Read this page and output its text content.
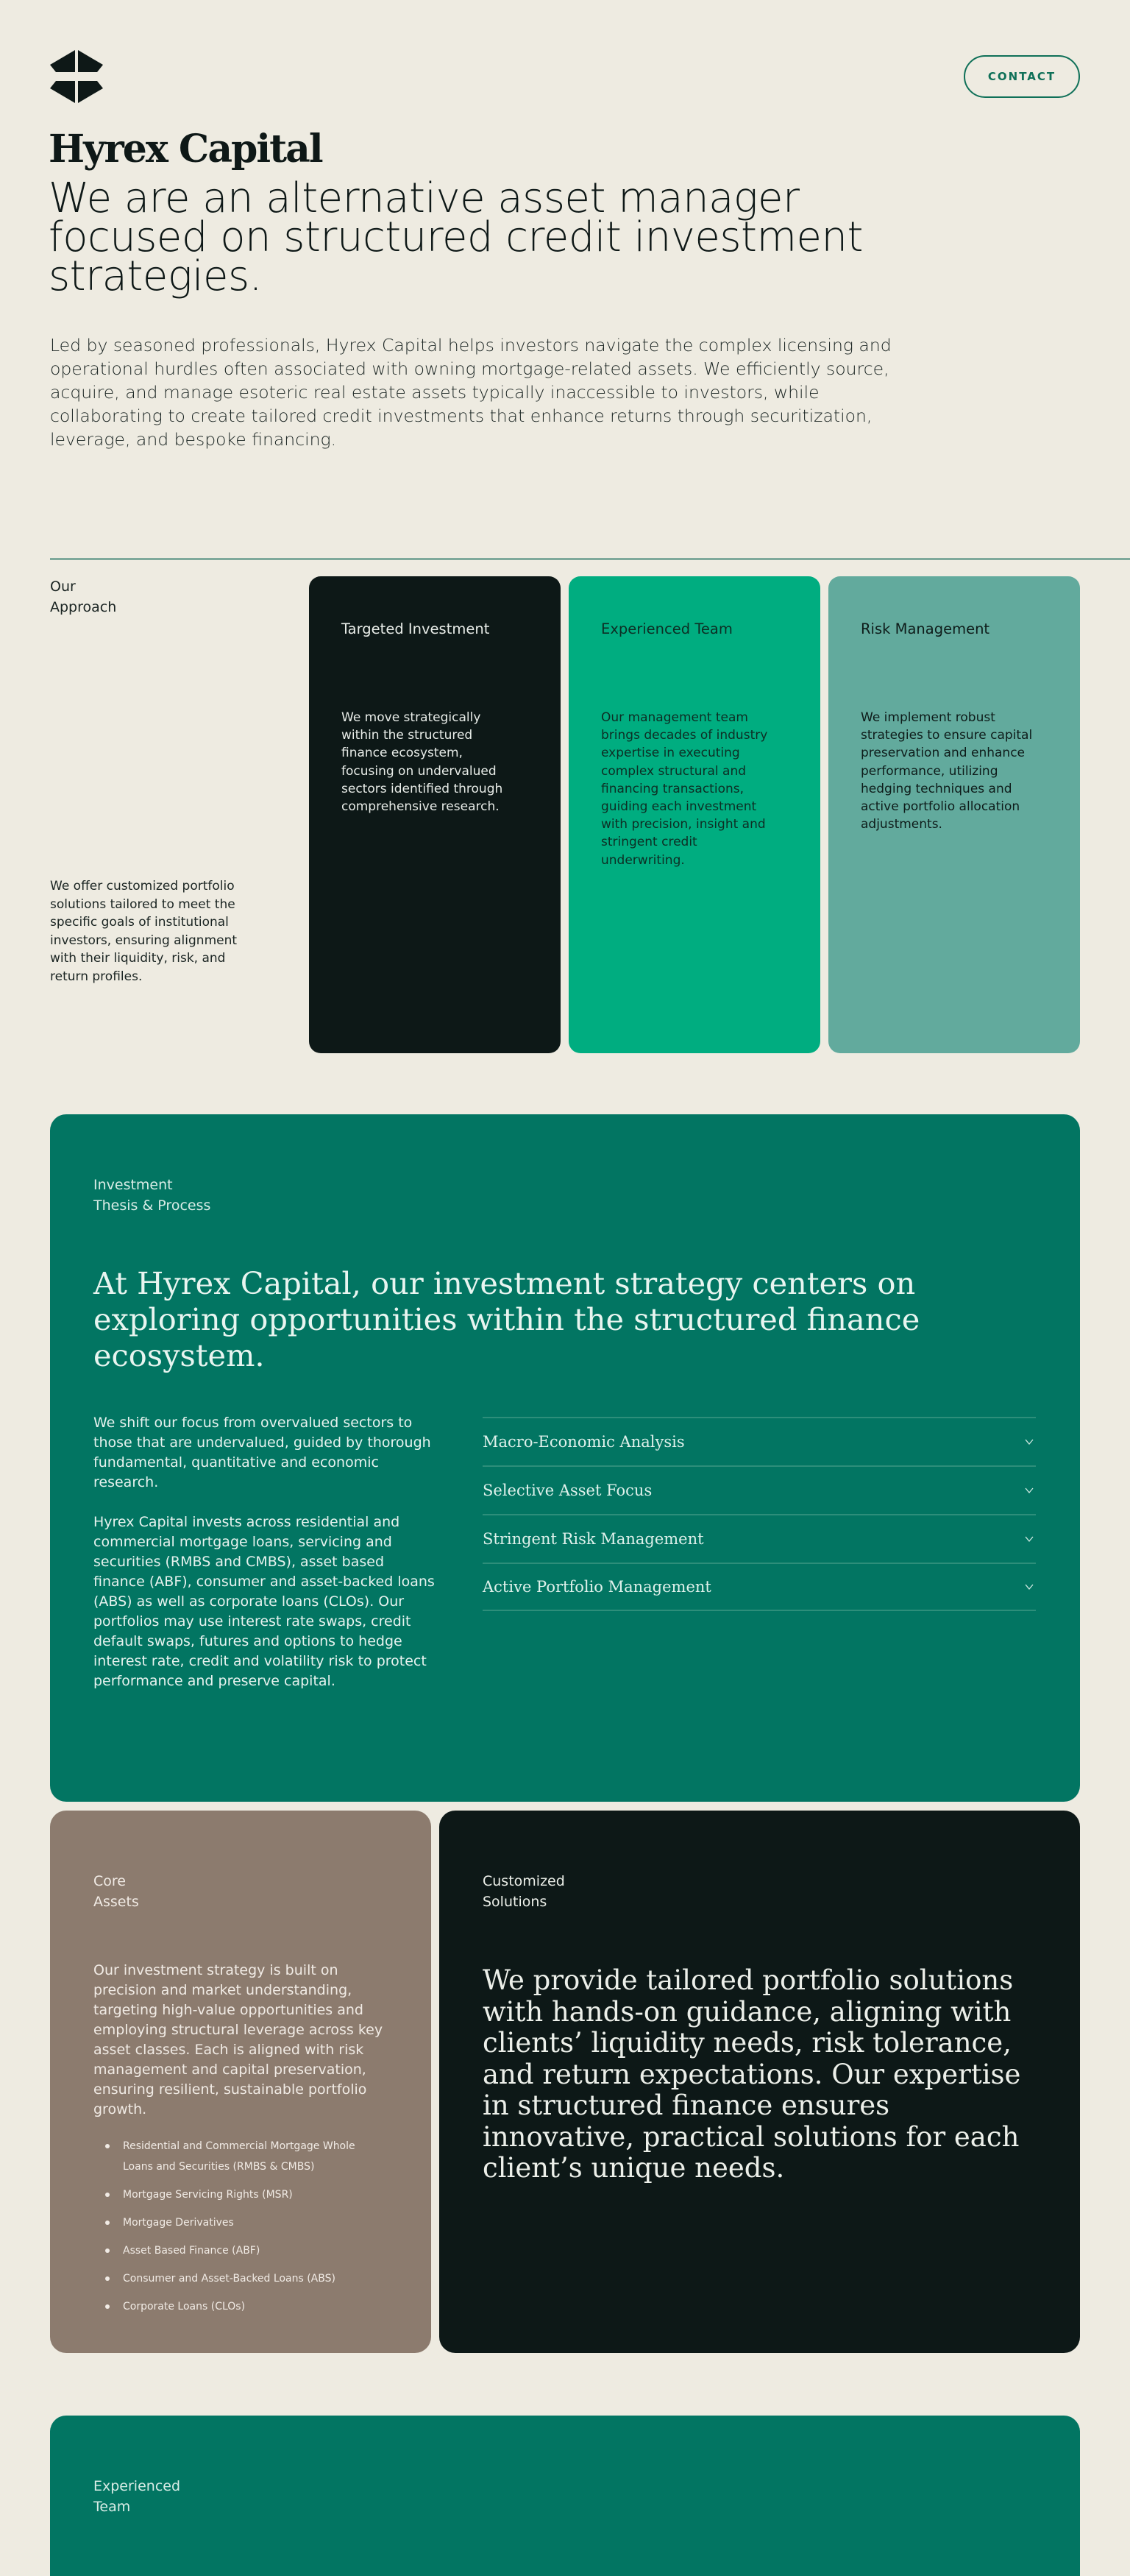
CONTACT
Hyrex Capital
We are an alternative asset manager focused on structured credit investment strategies.

Led by seasoned professionals, Hyrex Capital helps investors navigate the complex licensing and operational hurdles often associated with owning mortgage-related assets. We efficiently source, acquire, and manage esoteric real estate assets typically inaccessible to investors, while collaborating to create tailored credit investments that enhance returns through securitization, leverage, and bespoke financing.

Our
Approach

We offer customized portfolio solutions tailored to meet the specific goals of institutional investors, ensuring alignment with their liquidity, risk, and return profiles.

Targeted Investment
We move strategically within the structured finance ecosystem, focusing on undervalued sectors identified through comprehensive research.
Experienced Team
Our management team brings decades of industry expertise in executing complex structural and financing transactions, guiding each investment with precision, insight and stringent credit underwriting.
Risk Management
We implement robust strategies to ensure capital preservation and enhance performance, utilizing hedging techniques and active portfolio allocation adjustments.
Investment
Thesis & Process
At Hyrex Capital, our investment strategy centers on exploring opportunities within the structured finance ecosystem.

We shift our focus from overvalued sectors to those that are undervalued, guided by thorough fundamental, quantitative and economic research.

Hyrex Capital invests across residential and commercial mortgage loans, servicing and securities (RMBS and CMBS), asset based finance (ABF), consumer and asset-backed loans (ABS) as well as corporate loans (CLOs). Our portfolios may use interest rate swaps, credit default swaps, futures and options to hedge interest rate, credit and volatility risk to protect performance and preserve capital.

Macro-Economic Analysis
Selective Asset Focus
Stringent Risk Management
Active Portfolio Management
Core
Assets

Our investment strategy is built on precision and market understanding, targeting high-value opportunities and employing structural leverage across key asset classes. Each is aligned with risk management and capital preservation, ensuring resilient, sustainable portfolio growth.

Residential and Commercial Mortgage Whole Loans and Securities (RMBS & CMBS)
Mortgage Servicing Rights (MSR)
Mortgage Derivatives
Asset Based Finance (ABF)
Consumer and Asset-Backed Loans (ABS)
Corporate Loans (CLOs)
Customized
Solutions

We provide tailored portfolio solutions with hands-on guidance, aligning with clients’ liquidity needs, risk tolerance, and return expectations. Our expertise in structured finance ensures innovative, practical solutions for each client’s unique needs.

Experienced
Team
